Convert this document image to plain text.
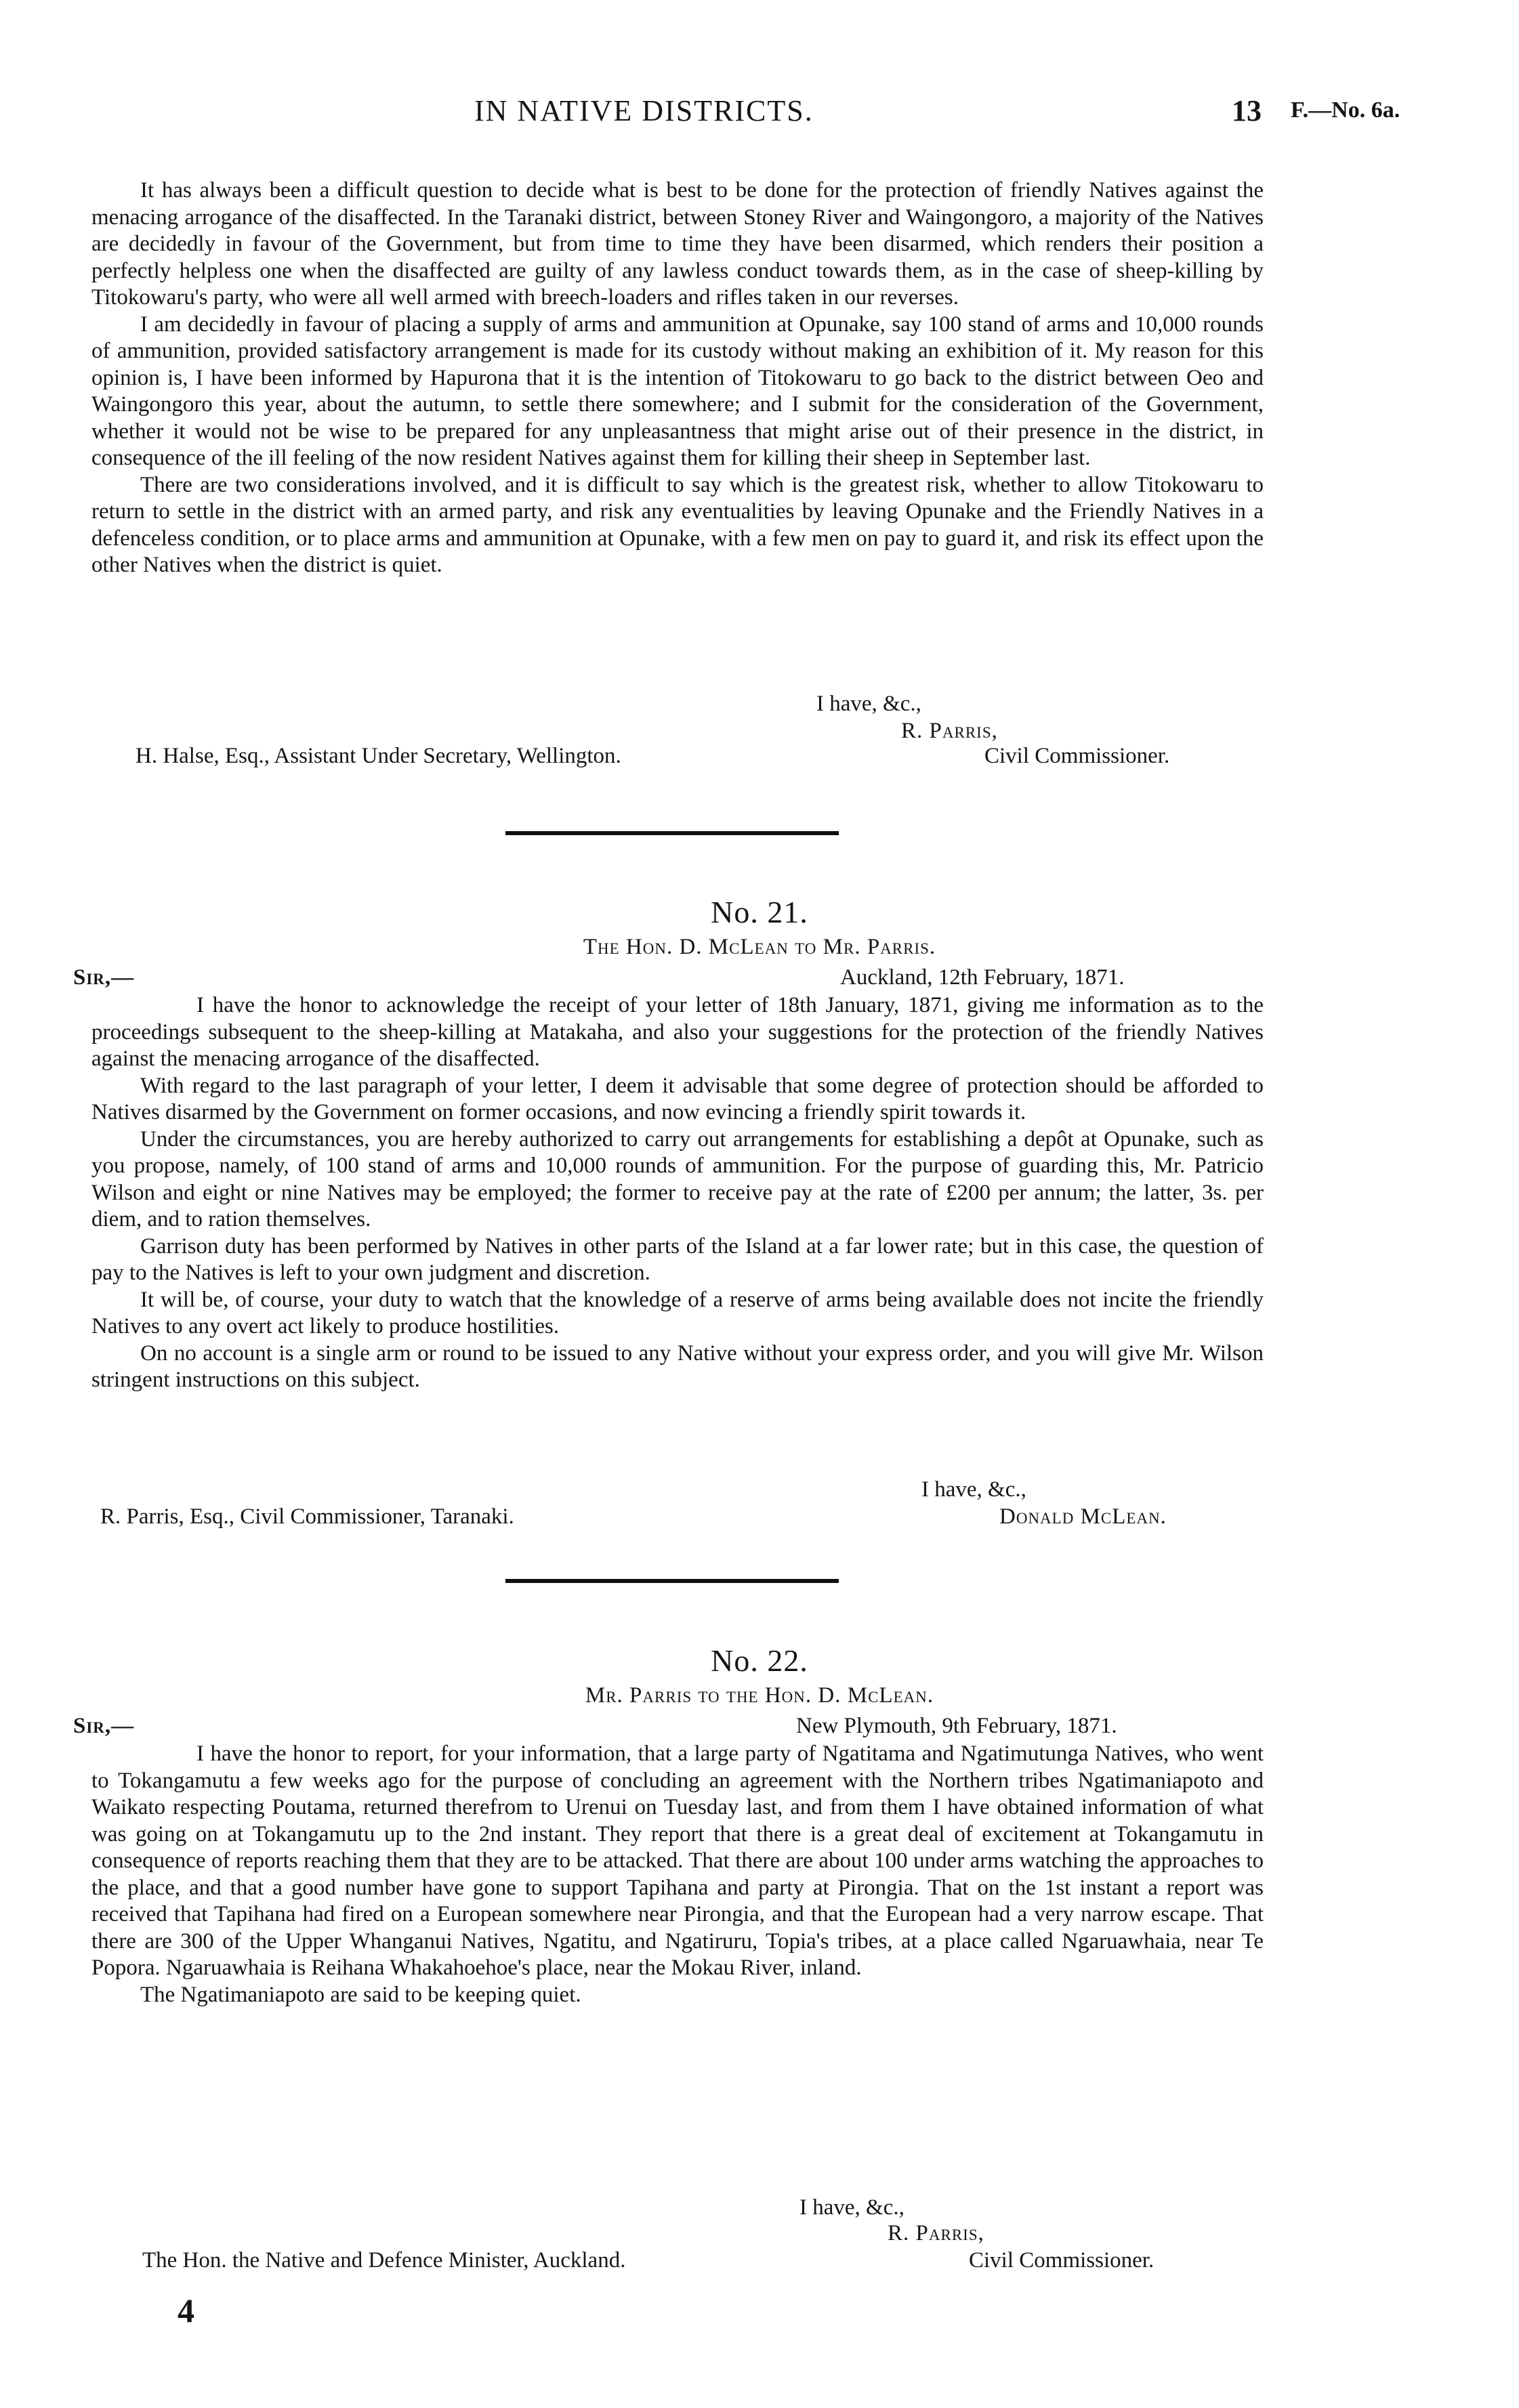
IN NATIVE DISTRICTS.	13 F.—No. 6a.

It has always been a difficult question to decide what is best to be done for the protection of friendly Natives against the menacing arrogance of the disaffected. In the Taranaki district, between Stoney River and Waingongoro, a majority of the Natives are decidedly in favour of the Government, but from time to time they have been disarmed, which renders their position a perfectly helpless one when the disaffected are guilty of any lawless conduct towards them, as in the case of sheep-killing by Titokowaru's party, who were all well armed with breech-loaders and rifles taken in our reverses.

I am decidedly in favour of placing a supply of arms and ammunition at Opunake, say 100 stand of arms and 10,000 rounds of ammunition, provided satisfactory arrangement is made for its custody without making an exhibition of it. My reason for this opinion is, I have been informed by Hapurona that it is the intention of Titokowaru to go back to the district between Oeo and Waingongoro this year, about the autumn, to settle there somewhere; and I submit for the consideration of the Government, whether it would not be wise to be prepared for any unpleasantness that might arise out of their presence in the district, in consequence of the ill feeling of the now resident Natives against them for killing their sheep in September last.

There are two considerations involved, and it is difficult to say which is the greatest risk, whether to allow Titokowaru to return to settle in the district with an armed party, and risk any eventualities by leaving Opunake and the Friendly Natives in a defenceless condition, or to place arms and ammunition at Opunake, with a few men on pay to guard it, and risk its effect upon the other Natives when the district is quiet.

I have, &c.,
R. Parris,
H. Halse, Esq., Assistant Under Secretary, Wellington.	Civil Commissioner.
No. 21.
The Hon. D. McLean to Mr. Parris.
Sir,—	Auckland, 12th February, 1871.

I have the honor to acknowledge the receipt of your letter of 18th January, 1871, giving me information as to the proceedings subsequent to the sheep-killing at Matakaha, and also your suggestions for the protection of the friendly Natives against the menacing arrogance of the disaffected.

With regard to the last paragraph of your letter, I deem it advisable that some degree of protection should be afforded to Natives disarmed by the Government on former occasions, and now evincing a friendly spirit towards it.

Under the circumstances, you are hereby authorized to carry out arrangements for establishing a depôt at Opunake, such as you propose, namely, of 100 stand of arms and 10,000 rounds of ammunition. For the purpose of guarding this, Mr. Patricio Wilson and eight or nine Natives may be employed; the former to receive pay at the rate of £200 per annum; the latter, 3s. per diem, and to ration themselves.

Garrison duty has been performed by Natives in other parts of the Island at a far lower rate; but in this case, the question of pay to the Natives is left to your own judgment and discretion.

It will be, of course, your duty to watch that the knowledge of a reserve of arms being available does not incite the friendly Natives to any overt act likely to produce hostilities.

On no account is a single arm or round to be issued to any Native without your express order, and you will give Mr. Wilson stringent instructions on this subject.

I have, &c.,
R. Parris, Esq., Civil Commissioner, Taranaki.	Donald McLean.
No. 22.
Mr. Parris to the Hon. D. McLean.
Sir,—	New Plymouth, 9th February, 1871.

I have the honor to report, for your information, that a large party of Ngatitama and Ngatimutunga Natives, who went to Tokangamutu a few weeks ago for the purpose of concluding an agreement with the Northern tribes Ngatimaniapoto and Waikato respecting Poutama, returned therefrom to Urenui on Tuesday last, and from them I have obtained information of what was going on at Tokangamutu up to the 2nd instant. They report that there is a great deal of excitement at Tokangamutu in consequence of reports reaching them that they are to be attacked. That there are about 100 under arms watching the approaches to the place, and that a good number have gone to support Tapihana and party at Pirongia. That on the 1st instant a report was received that Tapihana had fired on a European somewhere near Pirongia, and that the European had a very narrow escape. That there are 300 of the Upper Whanganui Natives, Ngatitu, and Ngatiruru, Topia's tribes, at a place called Ngaruawhaia, near Te Popora. Ngaruawhaia is Reihana Whakahoehoe's place, near the Mokau River, inland.

The Ngatimaniapoto are said to be keeping quiet.

I have, &c.,
R. Parris,
The Hon. the Native and Defence Minister, Auckland.	Civil Commissioner.
4
